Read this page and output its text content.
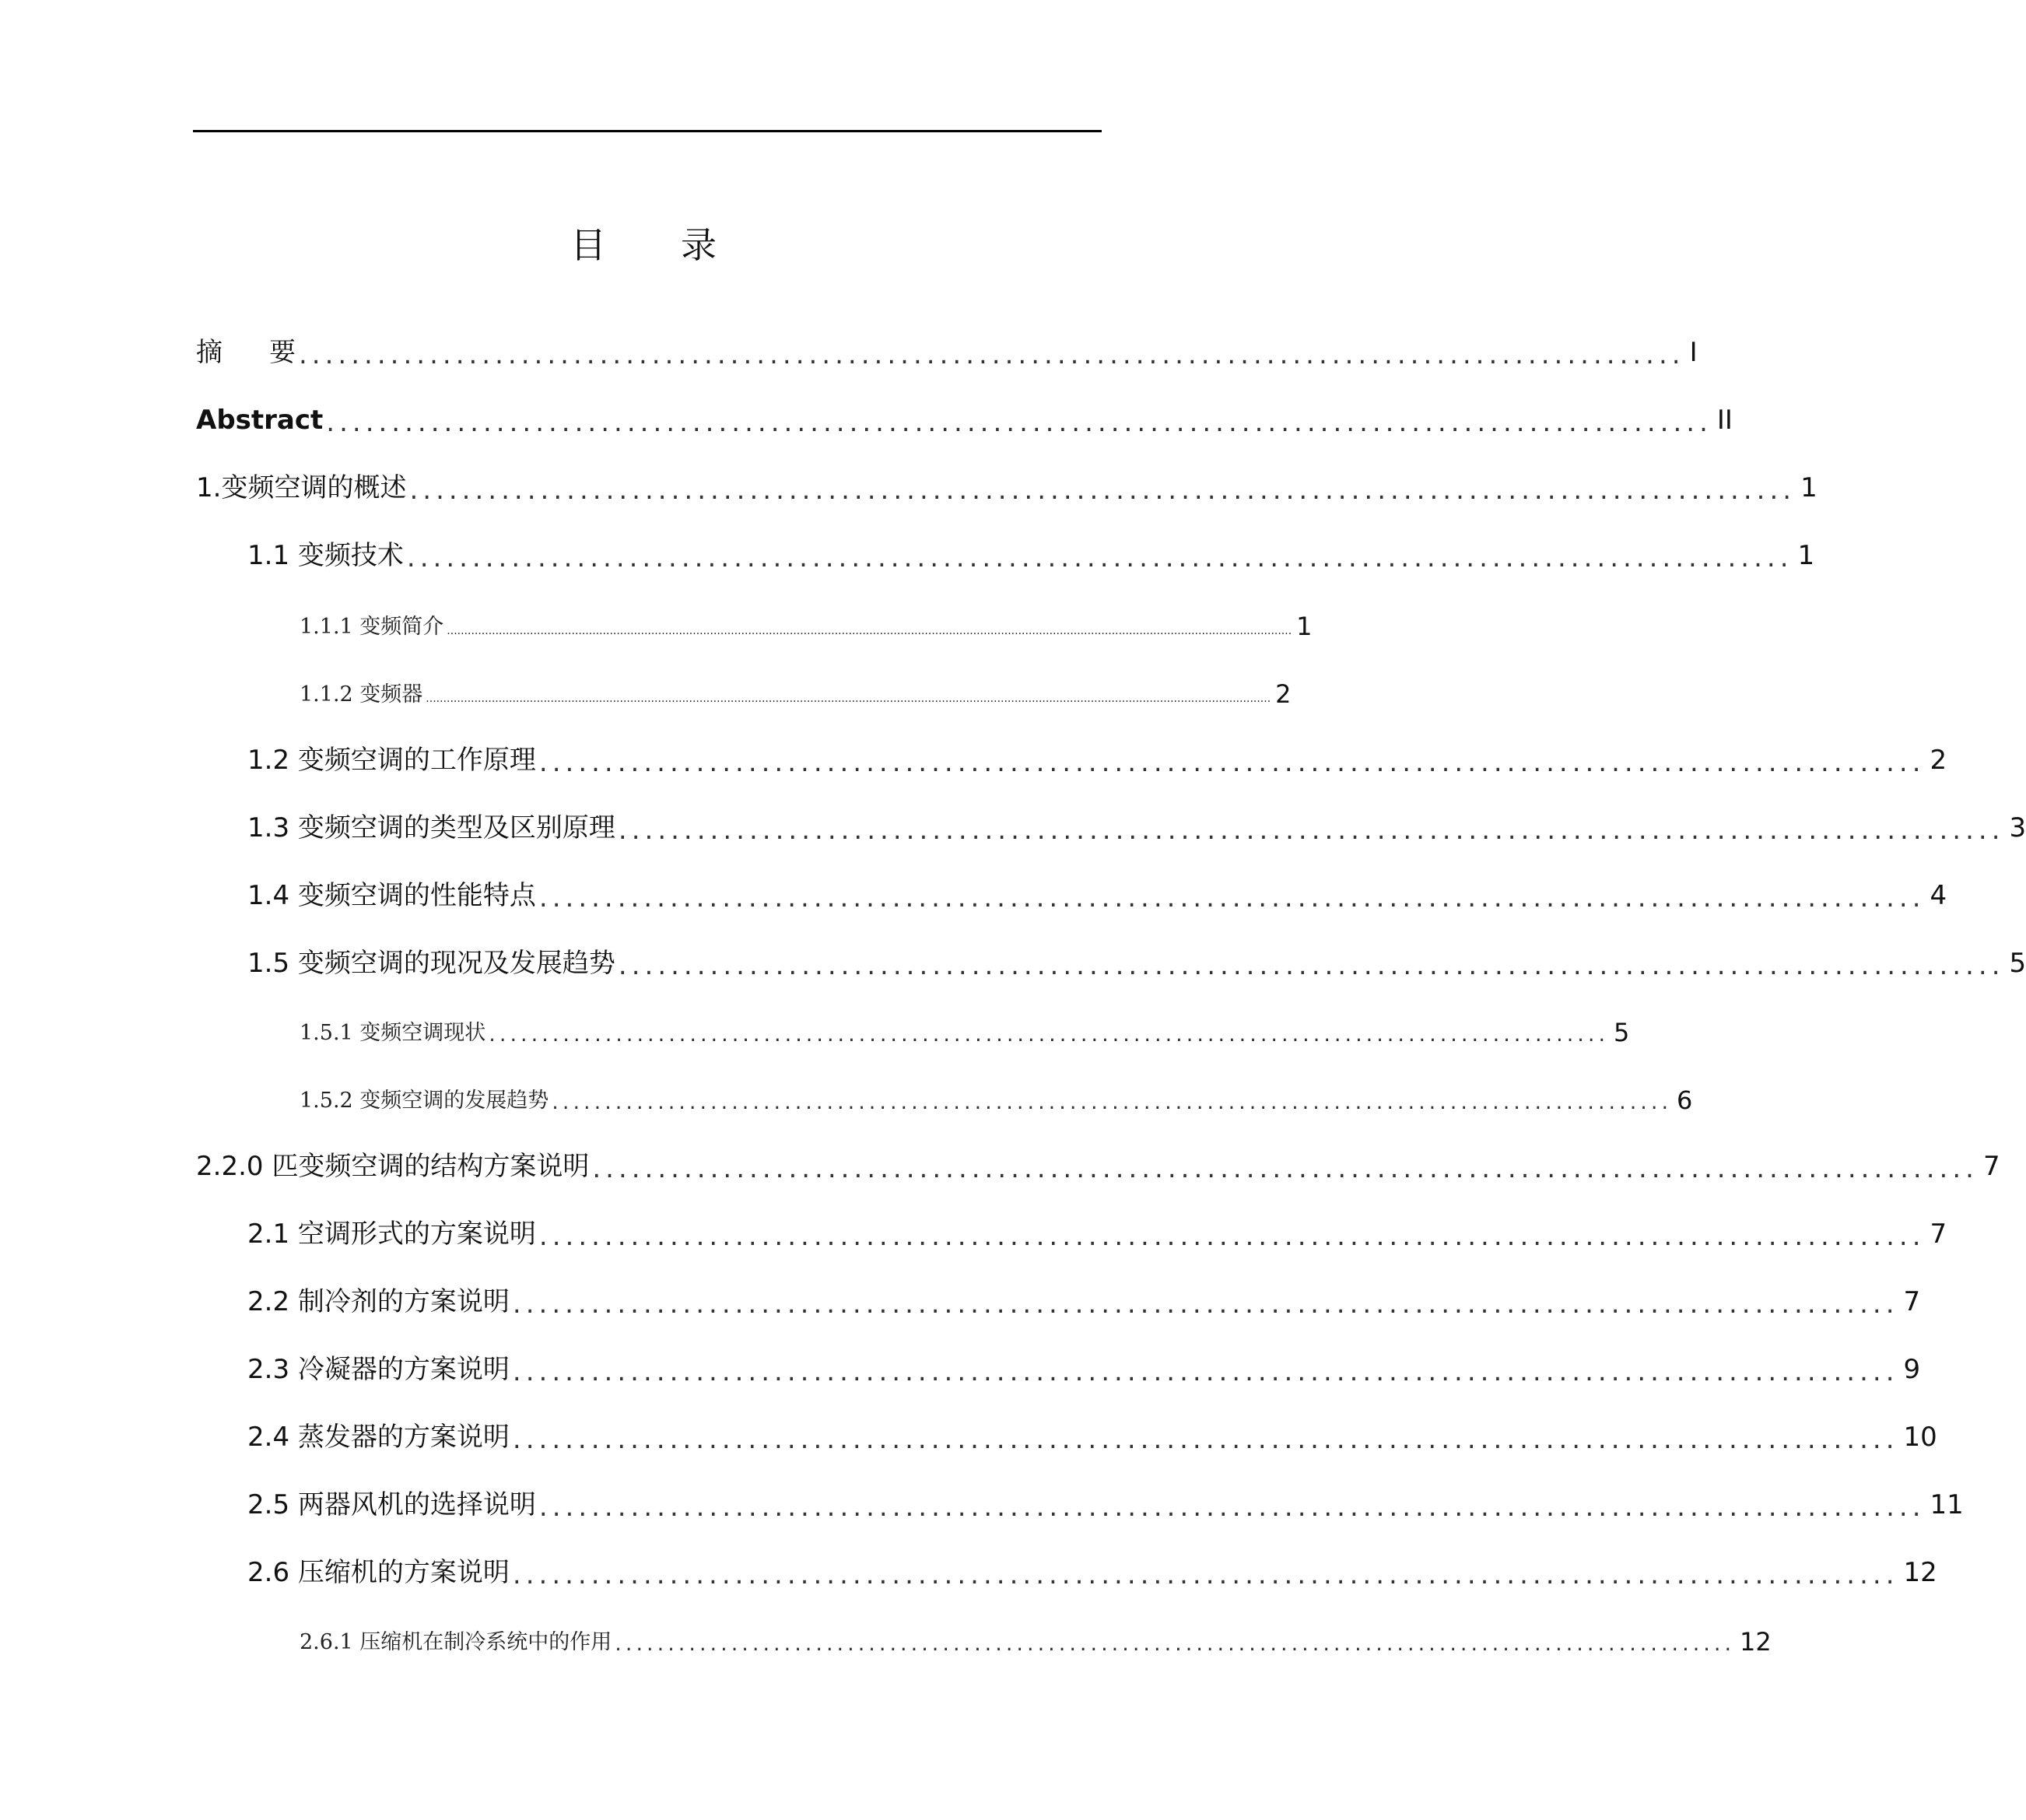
目 录
摘 要 .......................................................................................................... I
Abstract .......................................................................................................... II
1.变频空调的概述 .......................................................................................................... 1
1.1 变频技术 .......................................................................................................... 1
1.1.1 变频简介 .................................................................................................................................................................................................................................................... 1
1.1.2 变频器 .................................................................................................................................................................................................................................................... 2
1.2 变频空调的工作原理 .......................................................................................................... 2
1.3 变频空调的类型及区别原理 .......................................................................................................... 3
1.4 变频空调的性能特点 .......................................................................................................... 4
1.5 变频空调的现况及发展趋势 .......................................................................................................... 5
1.5.1 变频空调现状 .......................................................................................................... 5
1.5.2 变频空调的发展趋势 .......................................................................................................... 6
2.2.0 匹变频空调的结构方案说明 .......................................................................................................... 7
2.1 空调形式的方案说明 .......................................................................................................... 7
2.2 制冷剂的方案说明 .......................................................................................................... 7
2.3 冷凝器的方案说明 .......................................................................................................... 9
2.4 蒸发器的方案说明 .......................................................................................................... 10
2.5 两器风机的选择说明 .......................................................................................................... 11
2.6 压缩机的方案说明 .......................................................................................................... 12
2.6.1 压缩机在制冷系统中的作用 .......................................................................................................... 12
